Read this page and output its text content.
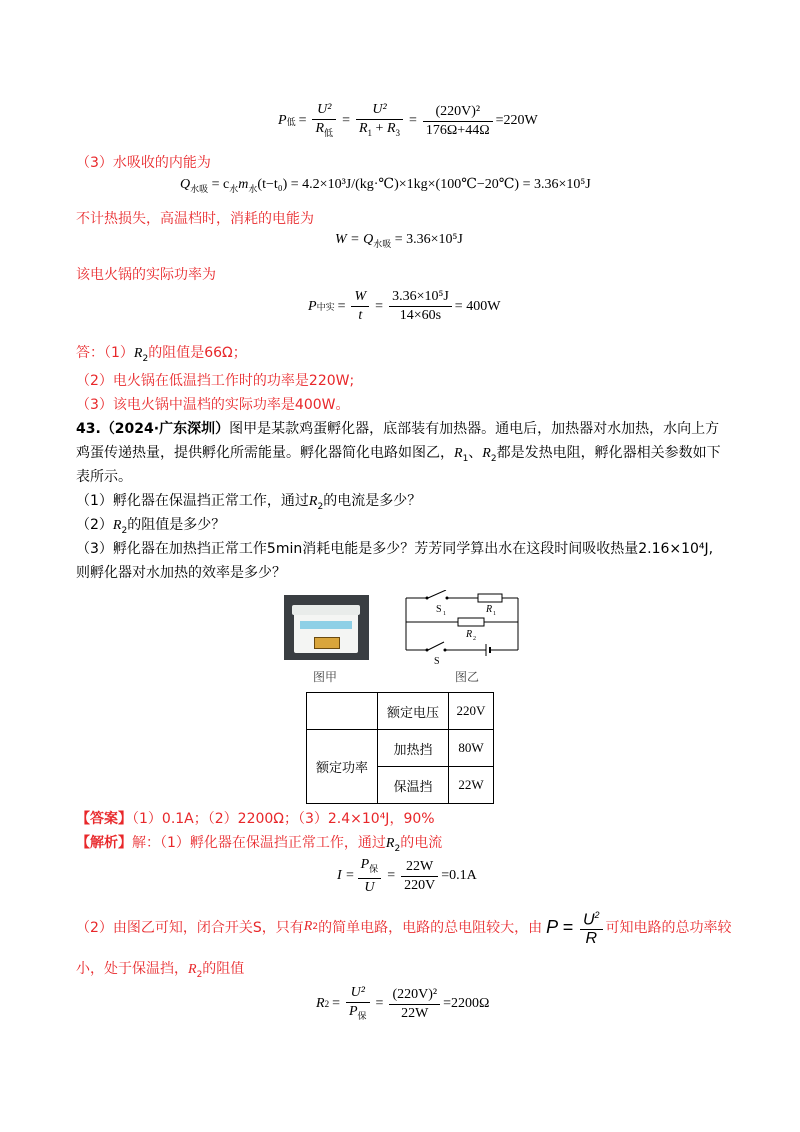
P 低 = $\frac{\text{U²}}{R_低} = \frac{\text{U²}}{R_1 + R_3} = \frac{\text{(220V)²}}{176\Omega+44\Omega} =220W$
（3）水吸收的内能为
$Q_{水吸} = c_水m_水(t-t_0)$ = 4.2×10³J/(kg·℃)×1kg×(100℃−20℃) = 3.36×10⁵J
不计热损失，高温档时，消耗的电能为
$W = Q_{水吸} = 3.36\times 10^5J$
该电火锅的实际功率为
P 中实 = $\frac{W}{t} = \frac{\text{3.36×10⁵J}}{14\times 60s} = 400W$
答：$(1)R_2$的阻值是66Ω；
（2）电火锅在低温挡工作时的功率是220W;
（3）该电火锅中温档的实际功率是400W。
43.（2024·广东深圳）图甲是某款鸡蛋孵化器，底部装有加热器。通电后，加热器对水加热，水向上方
鸡蛋传递热量，提供孵化所需能量。孵化器简化电路如图乙，$R_1$、$R_2$都是发热电阻，孵化器相关参数如下
表所示。
（1）孵化器在保温挡正常工作，通过$R_2$的电流是多少？
$(2)R_2$的阻值是多少？
（3）孵化器在加热挡正常工作5min消耗电能是多少？芳芳同学算出水在这段时间吸收热量2.16×10⁴J,
则孵化器对水加热的效率是多少？
图甲
S 1	R 1
R 2
S
图乙
	额定电压	220V
额定功率	加热挡	80W
	保温挡	22W
【答案】（1）0.1A；（2）2200Ω；（3）2.4×10⁴J，90%
【解析】解：（1）孵化器在保温挡正常工作，通过$R_2$的电流
$I = \frac{P_保}{U} = \frac{22W}{220V} =0.1A$
（2）由图乙可知，闭合开关S，只有 R 2 的简单电路，电路的总电阻较大，由 $P = \frac{U^2}{R}$ 可知电路的总功率较
小，处于保温挡，$R_2$的阻值
R $2 = \frac{\text{U²}}{P_保} = \frac{\text{(220V)²}}{22W} =2200\Omega$
